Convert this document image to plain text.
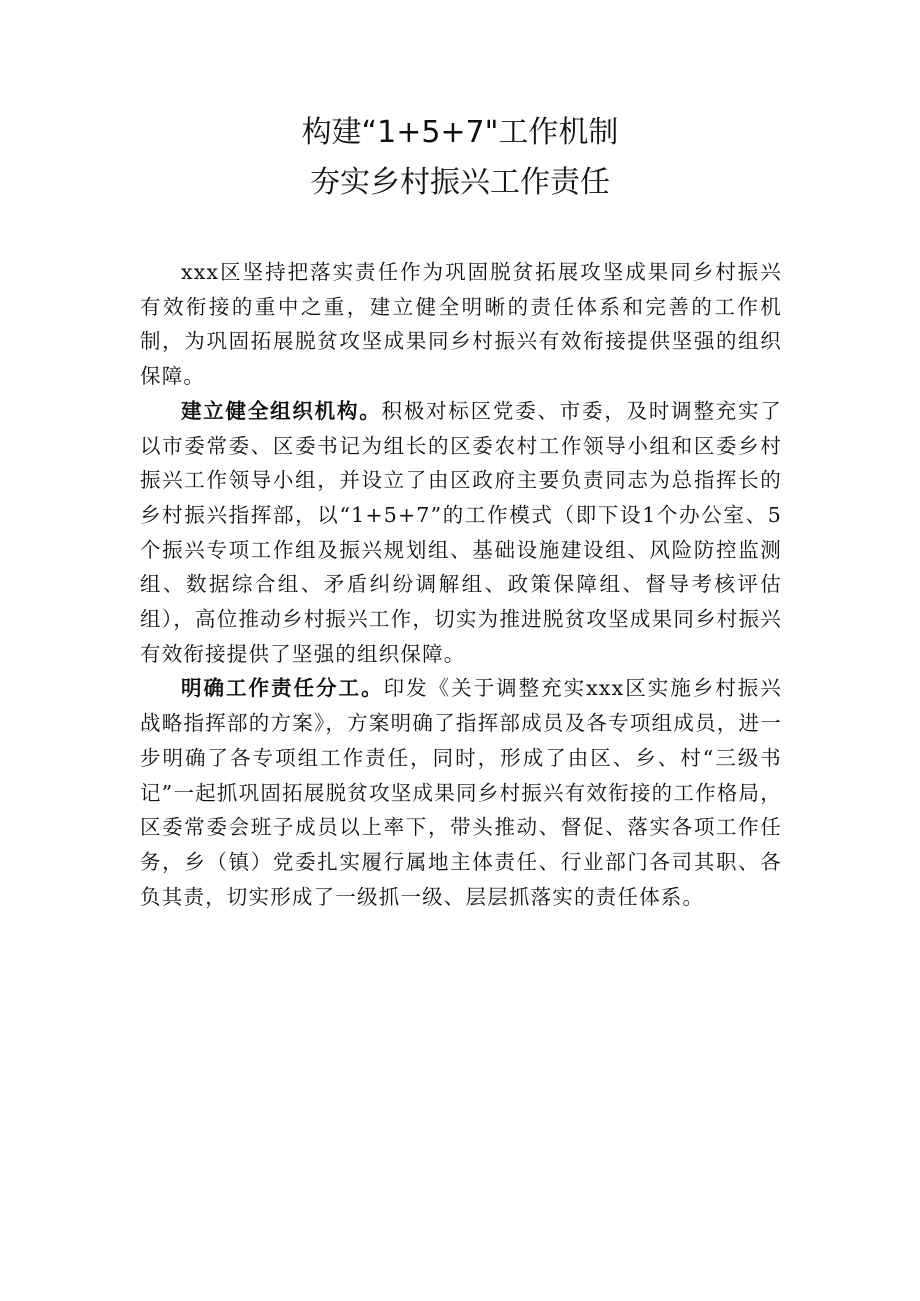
构建“1+5+7"工作机制
夯实乡村振兴工作责任

xxx区坚持把落实责任作为巩固脱贫拓展攻坚成果同乡村振兴有效衔接的重中之重，建立健全明晰的责任体系和完善的工作机制，为巩固拓展脱贫攻坚成果同乡村振兴有效衔接提供坚强的组织保障。

建立健全组织机构。积极对标区党委、市委，及时调整充实了以市委常委、区委书记为组长的区委农村工作领导小组和区委乡村振兴工作领导小组，并设立了由区政府主要负责同志为总指挥长的乡村振兴指挥部，以“1+5+7”的工作模式（即下设1个办公室、5个振兴专项工作组及振兴规划组、基础设施建设组、风险防控监测组、数据综合组、矛盾纠纷调解组、政策保障组、督导考核评估组），高位推动乡村振兴工作，切实为推进脱贫攻坚成果同乡村振兴有效衔接提供了坚强的组织保障。

明确工作责任分工。印发《关于调整充实xxx区实施乡村振兴战略指挥部的方案》，方案明确了指挥部成员及各专项组成员，进一步明确了各专项组工作责任，同时，形成了由区、乡、村“三级书记”一起抓巩固拓展脱贫攻坚成果同乡村振兴有效衔接的工作格局，区委常委会班子成员以上率下，带头推动、督促、落实各项工作任务，乡（镇）党委扎实履行属地主体责任、行业部门各司其职、各负其责，切实形成了一级抓一级、层层抓落实的责任体系。
